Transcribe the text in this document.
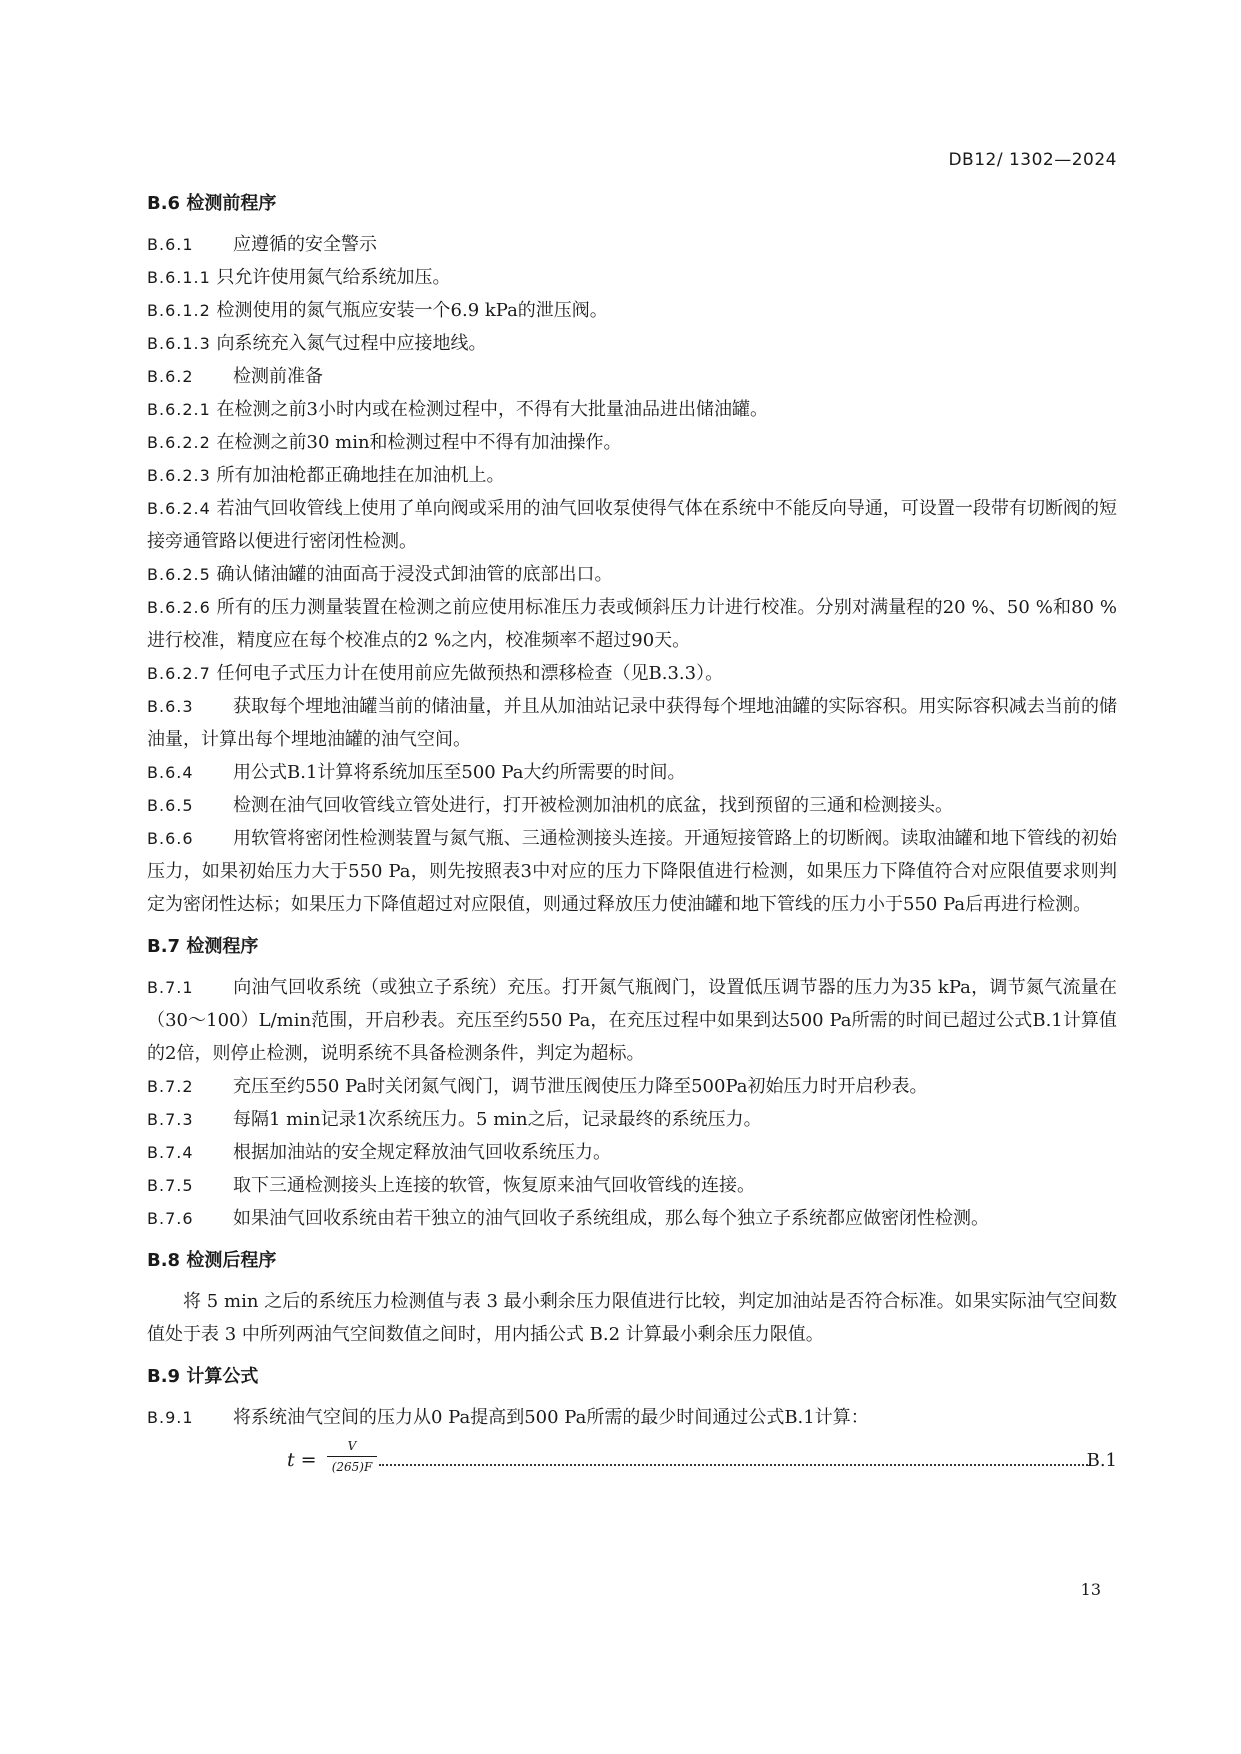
DB12/ 1302—2024
B.6 检测前程序
B.6.1 应遵循的安全警示
B.6.1.1 只允许使用氮气给系统加压。
B.6.1.2 检测使用的氮气瓶应安装一个6.9 kPa的泄压阀。
B.6.1.3 向系统充入氮气过程中应接地线。
B.6.2 检测前准备
B.6.2.1 在检测之前3小时内或在检测过程中，不得有大批量油品进出储油罐。
B.6.2.2 在检测之前30 min和检测过程中不得有加油操作。
B.6.2.3 所有加油枪都正确地挂在加油机上。
B.6.2.4 若油气回收管线上使用了单向阀或采用的油气回收泵使得气体在系统中不能反向导通，可设置一段带有切断阀的短接旁通管路以便进行密闭性检测。
B.6.2.5 确认储油罐的油面高于浸没式卸油管的底部出口。
B.6.2.6 所有的压力测量装置在检测之前应使用标准压力表或倾斜压力计进行校准。分别对满量程的20 %、50 %和80 %进行校准，精度应在每个校准点的2 %之内，校准频率不超过90天。
B.6.2.7 任何电子式压力计在使用前应先做预热和漂移检查（见B.3.3）。
B.6.3 获取每个埋地油罐当前的储油量，并且从加油站记录中获得每个埋地油罐的实际容积。用实际容积减去当前的储油量，计算出每个埋地油罐的油气空间。
B.6.4 用公式B.1计算将系统加压至500 Pa大约所需要的时间。
B.6.5 检测在油气回收管线立管处进行，打开被检测加油机的底盆，找到预留的三通和检测接头。
B.6.6 用软管将密闭性检测装置与氮气瓶、三通检测接头连接。开通短接管路上的切断阀。读取油罐和地下管线的初始压力，如果初始压力大于550 Pa，则先按照表3中对应的压力下降限值进行检测，如果压力下降值符合对应限值要求则判定为密闭性达标；如果压力下降值超过对应限值，则通过释放压力使油罐和地下管线的压力小于550 Pa后再进行检测。
B.7 检测程序
B.7.1 向油气回收系统（或独立子系统）充压。打开氮气瓶阀门，设置低压调节器的压力为35 kPa，调节氮气流量在（30～100）L/min范围，开启秒表。充压至约550 Pa，在充压过程中如果到达500 Pa所需的时间已超过公式B.1计算值的2倍，则停止检测，说明系统不具备检测条件，判定为超标。
B.7.2 充压至约550 Pa时关闭氮气阀门，调节泄压阀使压力降至500Pa初始压力时开启秒表。
B.7.3 每隔1 min记录1次系统压力。5 min之后，记录最终的系统压力。
B.7.4 根据加油站的安全规定释放油气回收系统压力。
B.7.5 取下三通检测接头上连接的软管，恢复原来油气回收管线的连接。
B.7.6 如果油气回收系统由若干独立的油气回收子系统组成，那么每个独立子系统都应做密闭性检测。
B.8 检测后程序
将 5 min 之后的系统压力检测值与表 3 最小剩余压力限值进行比较，判定加油站是否符合标准。如果实际油气空间数值处于表 3 中所列两油气空间数值之间时，用内插公式 B.2 计算最小剩余压力限值。
B.9 计算公式
B.9.1 将系统油气空间的压力从0 Pa提高到500 Pa所需的最少时间通过公式B.1计算：
t =
V
(265)F	B.1
13
